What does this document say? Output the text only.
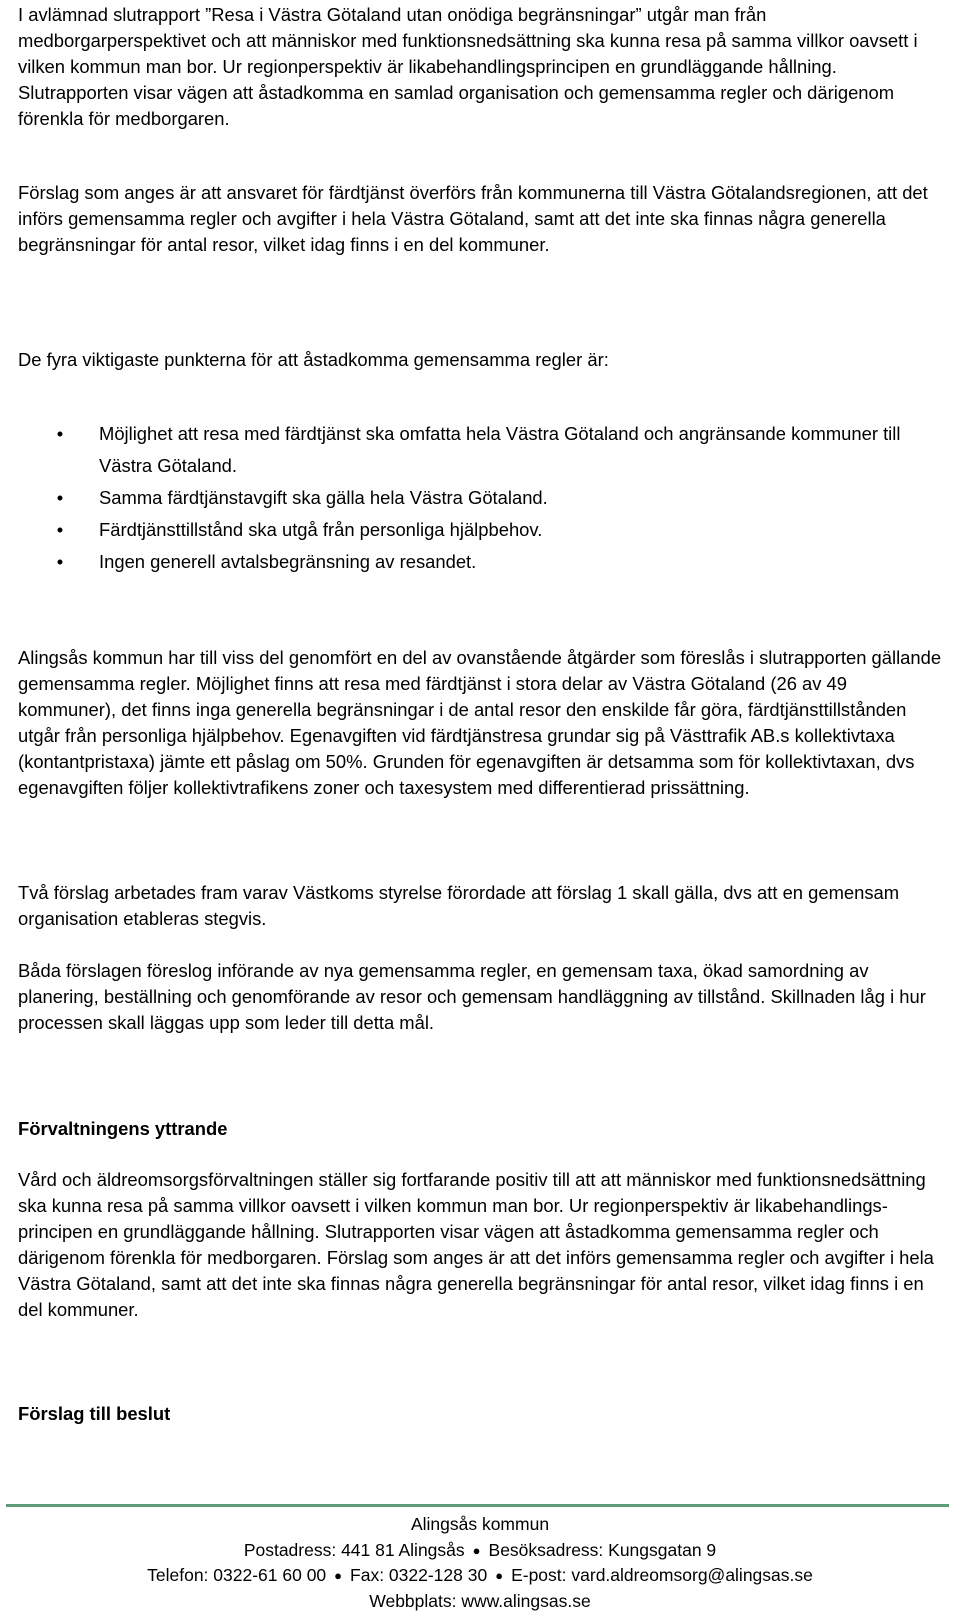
I avlämnad slutrapport ”Resa i Västra Götaland utan onödiga begränsningar” utgår man från medborgarperspektivet och att människor med funktionsnedsättning ska kunna resa på samma villkor oavsett i vilken kommun man bor. Ur regionperspektiv är likabehandlingsprincipen en grundläggande hållning. Slutrapporten visar vägen att åstadkomma en samlad organisation och gemensamma regler och därigenom förenkla för medborgaren.

Förslag som anges är att ansvaret för färdtjänst överförs från kommunerna till Västra Götalandsregionen, att det införs gemensamma regler och avgifter i hela Västra Götaland, samt att det inte ska finnas några generella begränsningar för antal resor, vilket idag finns i en del kommuner.

De fyra viktigaste punkterna för att åstadkomma gemensamma regler är:

• Möjlighet att resa med färdtjänst ska omfatta hela Västra Götaland och angränsande kommuner till Västra Götaland.
• Samma färdtjänstavgift ska gälla hela Västra Götaland.
• Färdtjänsttillstånd ska utgå från personliga hjälpbehov.
• Ingen generell avtalsbegränsning av resandet.

Alingsås kommun har till viss del genomfört en del av ovanstående åtgärder som föreslås i slutrapporten gällande gemensamma regler. Möjlighet finns att resa med färdtjänst i stora delar av Västra Götaland (26 av 49 kommuner), det finns inga generella begränsningar i de antal resor den enskilde får göra, färdtjänsttillstånden utgår från personliga hjälpbehov. Egenavgiften vid färdtjänstresa grundar sig på Västtrafik AB.s kollektivtaxa (kontantpristaxa) jämte ett påslag om 50%. Grunden för egenavgiften är detsamma som för kollektivtaxan, dvs egenavgiften följer kollektivtrafikens zoner och taxesystem med differentierad prissättning.

Två förslag arbetades fram varav Västkoms styrelse förordade att förslag 1 skall gälla, dvs att en gemensam organisation etableras stegvis.

Båda förslagen föreslog införande av nya gemensamma regler, en gemensam taxa, ökad samordning av planering, beställning och genomförande av resor och gemensam handläggning av tillstånd. Skillnaden låg i hur processen skall läggas upp som leder till detta mål.

Förvaltningens yttrande

Vård och äldreomsorgsförvaltningen ställer sig fortfarande positiv till att att människor med funktionsnedsättning ska kunna resa på samma villkor oavsett i vilken kommun man bor. Ur regionperspektiv är likabehandlings-principen en grundläggande hållning. Slutrapporten visar vägen att åstadkomma gemensamma regler och därigenom förenkla för medborgaren. Förslag som anges är att det införs gemensamma regler och avgifter i hela Västra Götaland, samt att det inte ska finnas några generella begränsningar för antal resor, vilket idag finns i en del kommuner.

Förslag till beslut
Alingsås kommun
Postadress: 441 81 Alingsås ● Besöksadress: Kungsgatan 9
Telefon: 0322-61 60 00 ● Fax: 0322-128 30 ● E-post: vard.aldreomsorg@alingsas.se
Webbplats: www.alingsas.se
